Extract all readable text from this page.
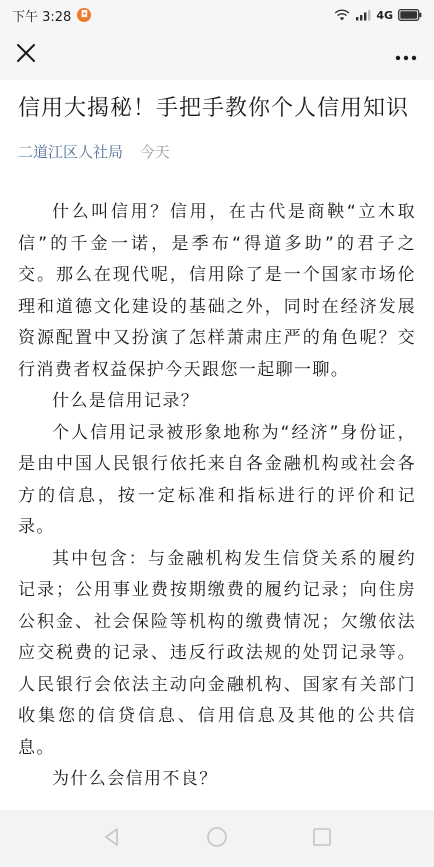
下午 3:28	◘	4G
信用大揭秘！手把手教你个人信用知识
二道江区人社局 今天

什么叫信用？信用，在古代是商鞅“立木取信”的千金一诺，是季布“得道多助”的君子之交。那么在现代呢，信用除了是一个国家市场伦理和道德文化建设的基础之外，同时在经济发展资源配置中又扮演了怎样萧肃庄严的角色呢？交行消费者权益保护今天跟您一起聊一聊。

什么是信用记录？

个人信用记录被形象地称为“经济”身份证，是由中国人民银行依托来自各金融机构或社会各方的信息，按一定标准和指标进行的评价和记录。

其中包含：与金融机构发生信贷关系的履约记录；公用事业费按期缴费的履约记录；向住房公积金、社会保险等机构的缴费情况；欠缴依法应交税费的记录、违反行政法规的处罚记录等。人民银行会依法主动向金融机构、国家有关部门收集您的信贷信息、信用信息及其他的公共信息。

为什么会信用不良？
